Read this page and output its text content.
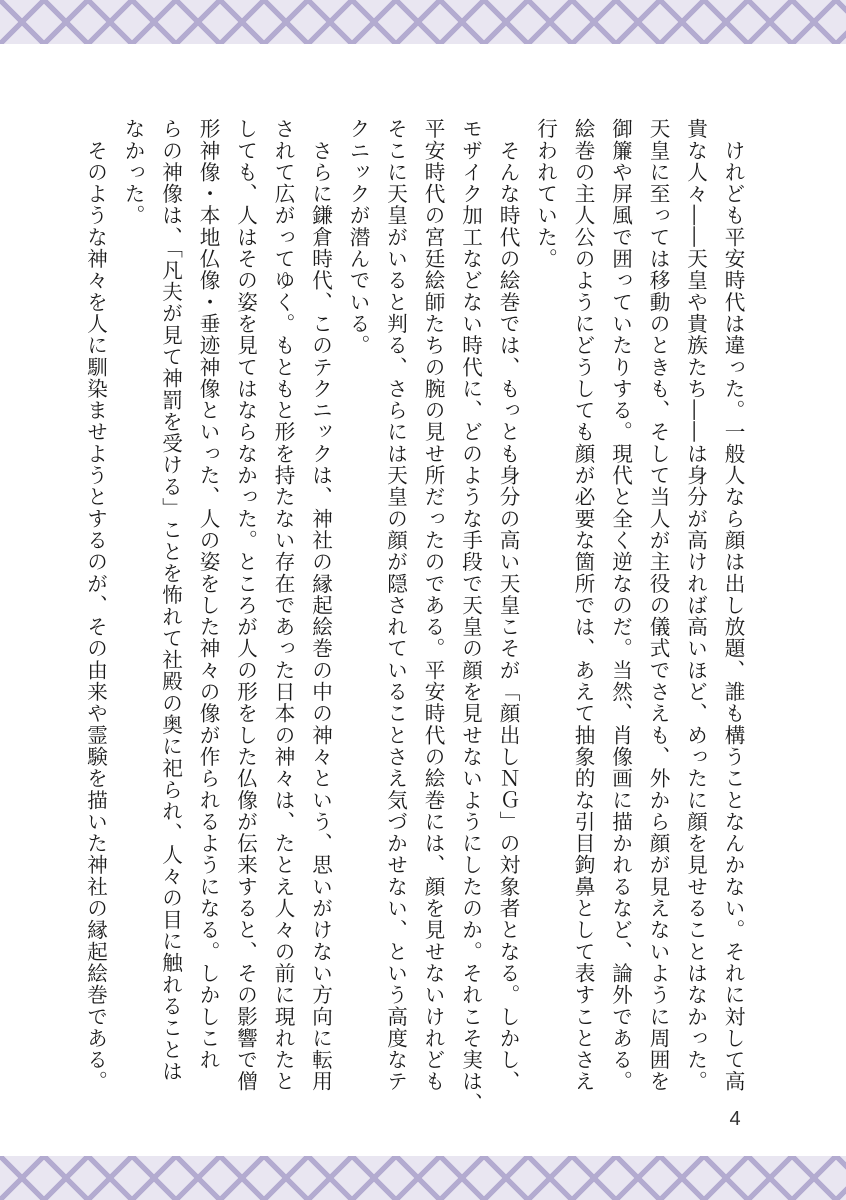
　けれども平安時代は違った。一般人なら顔は出し放題、誰も構うことなんかない。それに対して高
貴な人々――天皇や貴族たち――は身分が高ければ高いほど、めったに顔を見せることはなかった。
天皇に至っては移動のときも、そして当人が主役の儀式でさえも、外から顔が見えないように周囲を
御簾や屏風で囲っていたりする。現代と全く逆なのだ。当然、肖像画に描かれるなど、論外である。
絵巻の主人公のようにどうしても顔が必要な箇所では、あえて抽象的な引目鉤鼻として表すことさえ
行われていた。
　そんな時代の絵巻では、もっとも身分の高い天皇こそが「顔出しＮＧ」の対象者となる。しかし、
モザイク加工などない時代に、どのような手段で天皇の顔を見せないようにしたのか。それこそ実は、
平安時代の宮廷絵師たちの腕の見せ所だったのである。平安時代の絵巻には、顔を見せないけれども
そこに天皇がいると判る、さらには天皇の顔が隠されていることさえ気づかせない、という高度なテ
クニックが潜んでいる。
　さらに鎌倉時代、このテクニックは、神社の縁起絵巻の中の神々という、思いがけない方向に転用
されて広がってゆく。もともと形を持たない存在であった日本の神々は、たとえ人々の前に現れたと
しても、人はその姿を見てはならなかった。ところが人の形をした仏像が伝来すると、その影響で僧
形神像・本地仏像・垂迹神像といった、人の姿をした神々の像が作られるようになる。しかしこれ
らの神像は、「凡夫が見て神罰を受ける」ことを怖れて社殿の奥に祀られ、人々の目に触れることは
なかった。
　そのような神々を人に馴染ませようとするのが、その由来や霊験を描いた神社の縁起絵巻である。
4
